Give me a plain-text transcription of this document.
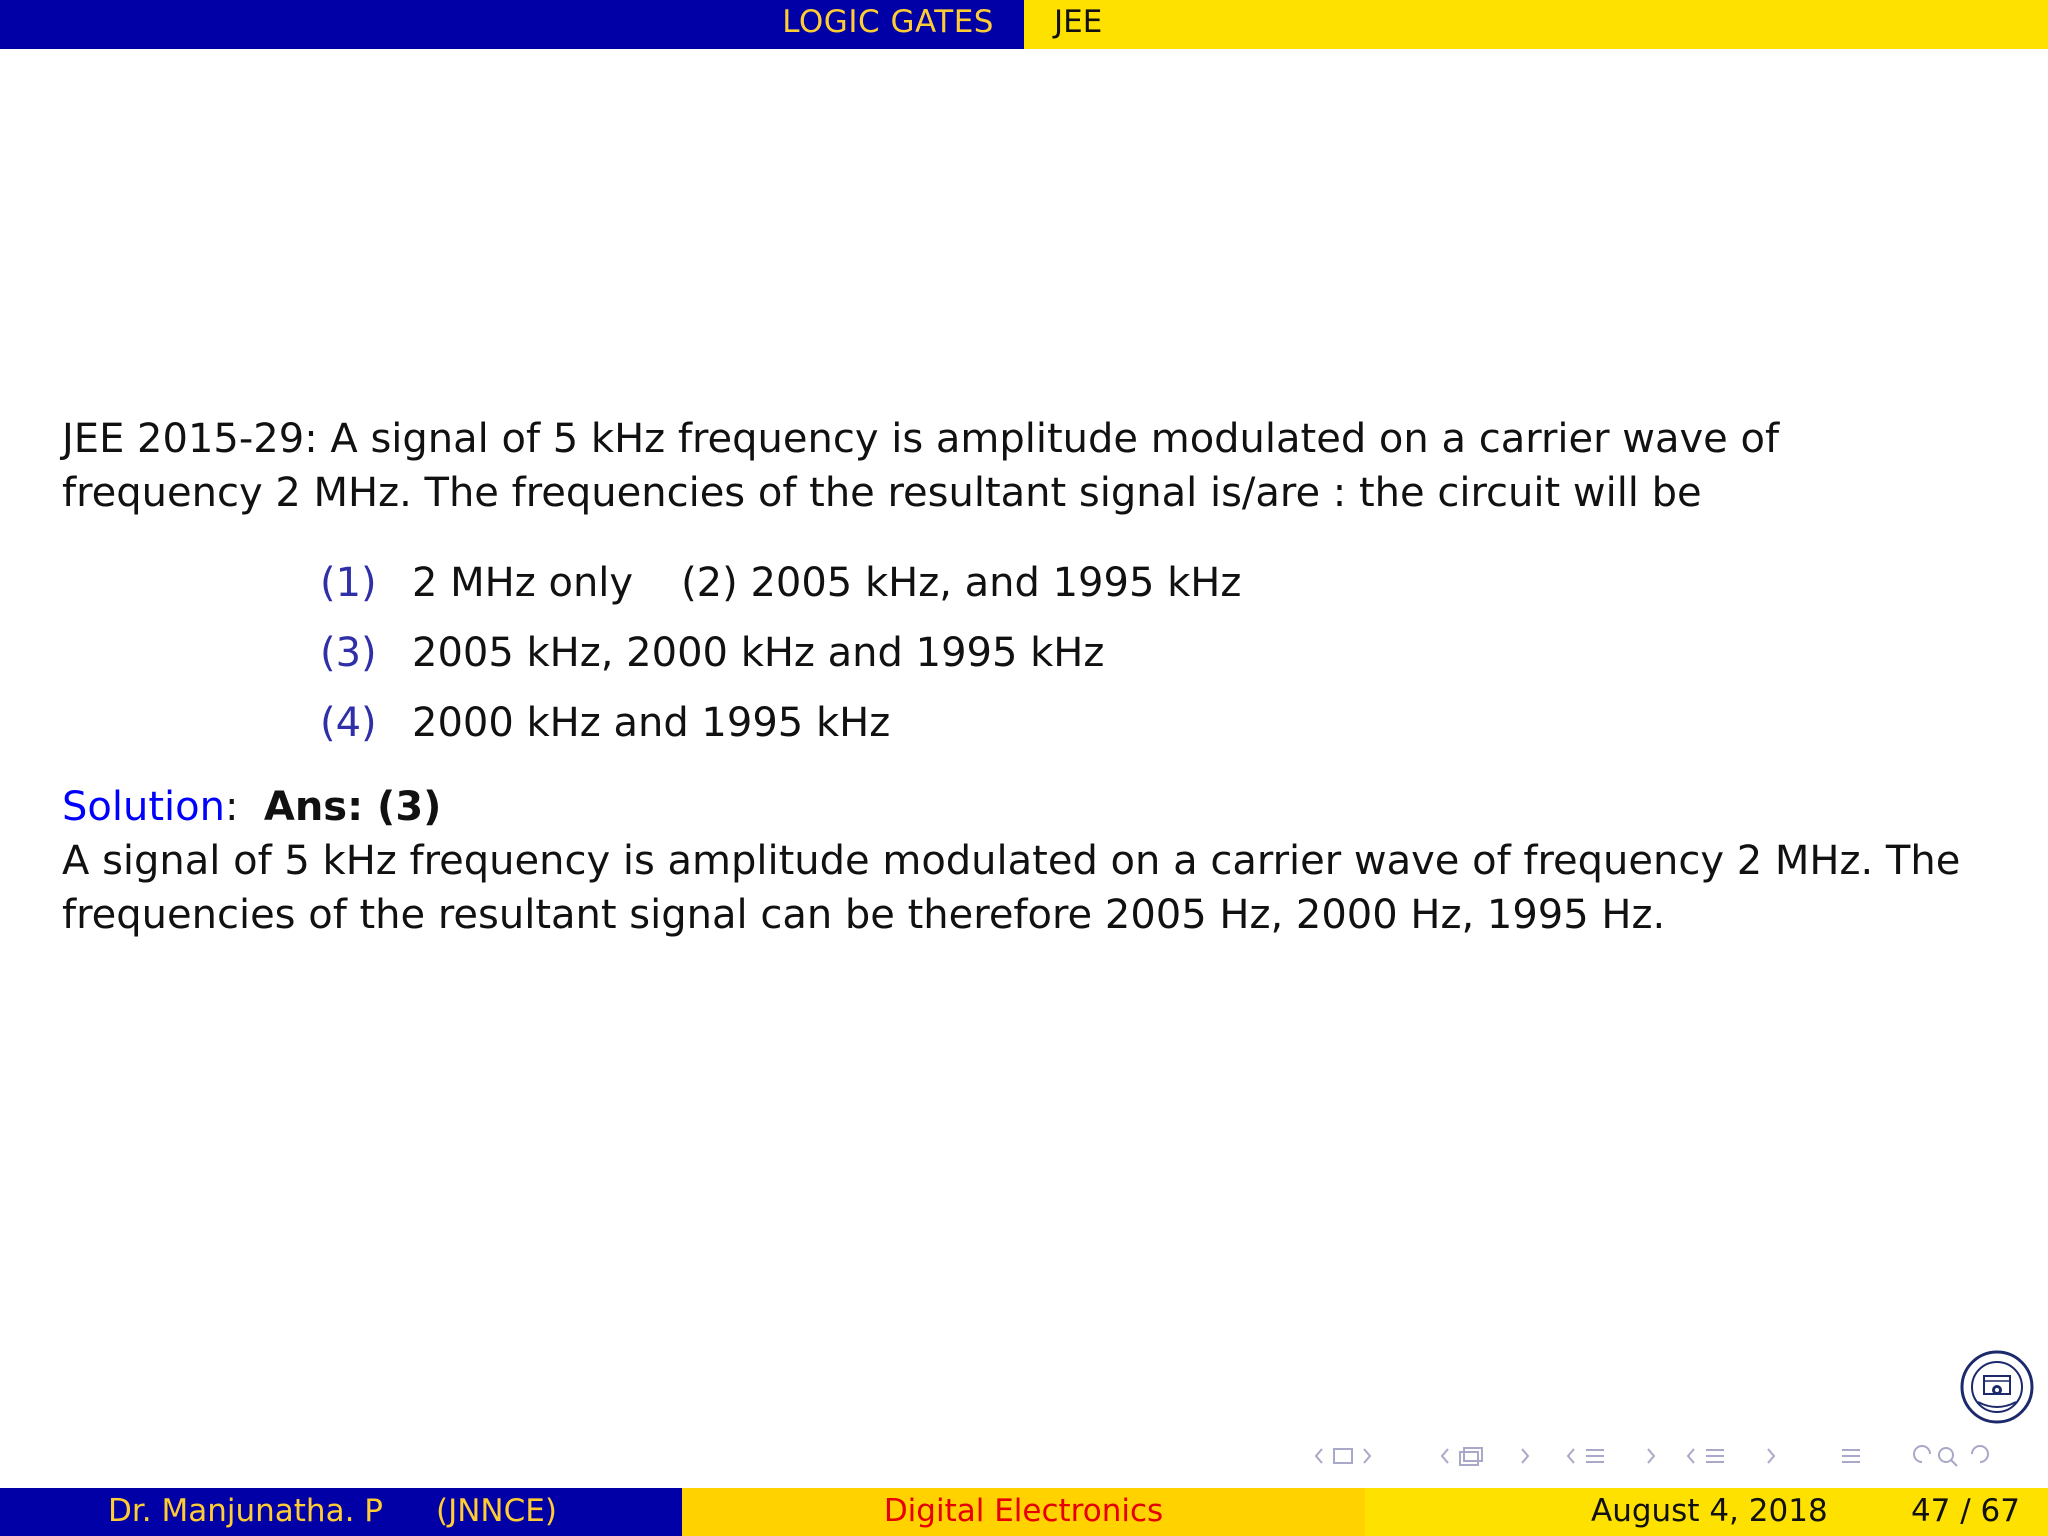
LOGIC GATES JEE
JEE 2015-29: A signal of 5 kHz frequency is amplitude modulated on a carrier wave of frequency 2 MHz. The frequencies of the resultant signal is/are : the circuit will be
(1) 2 MHz only (2) 2005 kHz, and 1995 kHz
(3) 2005 kHz, 2000 kHz and 1995 kHz
(4) 2000 kHz and 1995 kHz
Solution: Ans: (3)
A signal of 5 kHz frequency is amplitude modulated on a carrier wave of frequency 2 MHz. The frequencies of the resultant signal can be therefore 2005 Hz, 2000 Hz, 1995 Hz.
Dr. Manjunatha. P (JNNCE)	Digital Electronics	August 4, 2018	47 / 67
